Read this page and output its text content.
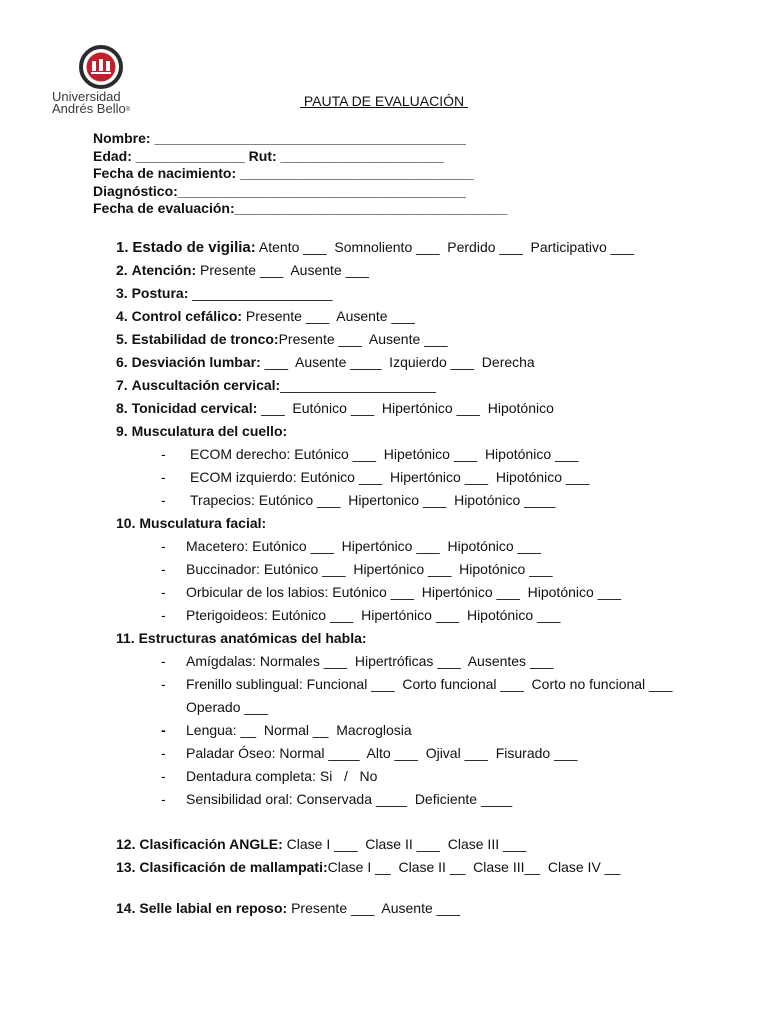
Universidad
Andrés Bello®
PAUTA DE EVALUACIÓN
Nombre: ________________________________________
Edad: ______________ Rut: _____________________
Fecha de nacimiento: ______________________________
Diagnóstico:_____________________________________
Fecha de evaluación:___________________________________
1. Estado de vigilia: Atento ___  Somnoliento ___  Perdido ___  Participativo ___
2. Atención: Presente ___  Ausente ___
3. Postura: __________________
4. Control cefálico: Presente ___  Ausente ___
5. Estabilidad de tronco:Presente ___  Ausente ___
6. Desviación lumbar: ___  Ausente ____  Izquierdo ___  Derecha
7. Auscultación cervical:____________________
8. Tonicidad cervical: ___  Eutónico ___  Hipertónico ___  Hipotónico
9. Musculatura del cuello:
- ECOM derecho: Eutónico ___  Hipetónico ___  Hipotónico ___
- ECOM izquierdo: Eutónico ___  Hipertónico ___  Hipotónico ___
- Trapecios: Eutónico ___  Hipertonico ___  Hipotónico ____
10. Musculatura facial:
- Macetero: Eutónico ___  Hipertónico ___  Hipotónico ___
- Buccinador: Eutónico ___  Hipertónico ___  Hipotónico ___
- Orbicular de los labios: Eutónico ___  Hipertónico ___  Hipotónico ___
- Pterigoideos: Eutónico ___  Hipertónico ___  Hipotónico ___
11. Estructuras anatómicas del habla:
- Amígdalas: Normales ___  Hipertróficas ___  Ausentes ___
- Frenillo sublingual: Funcional ___  Corto funcional ___  Corto no funcional ___
Operado ___
- Lengua: __  Normal __  Macroglosia
- Paladar Óseo: Normal ____  Alto ___  Ojival ___  Fisurado ___
- Dentadura completa: Si   /   No
- Sensibilidad oral: Conservada ____  Deficiente ____
12. Clasificación ANGLE: Clase I ___  Clase II ___  Clase III ___
13. Clasificación de mallampati:Clase I __  Clase II __  Clase III__  Clase IV __
14. Selle labial en reposo: Presente ___  Ausente ___
